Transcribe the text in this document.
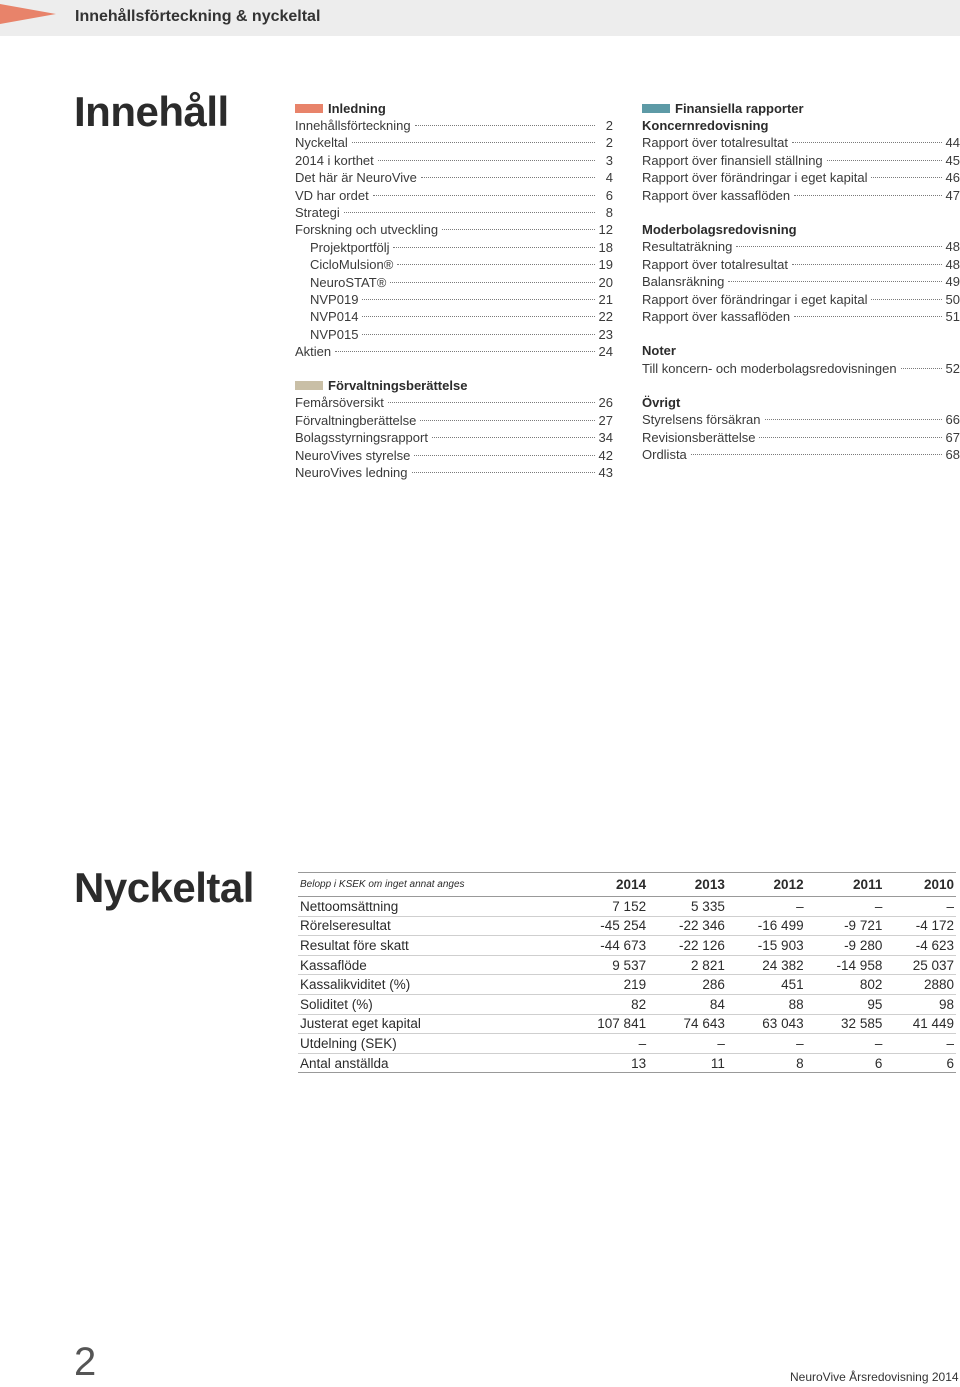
Innehållsförteckning & nyckeltal
Innehåll
Nyckeltal
Inledning
Innehållsförteckning	2
Nyckeltal	2
2014 i korthet	3
Det här är NeuroVive	4
VD har ordet	6
Strategi	8
Forskning och utveckling	12
Projektportfölj	18
CicloMulsion®	19
NeuroSTAT®	20
NVP019	21
NVP014	22
NVP015	23
Aktien	24
Förvaltningsberättelse
Femårsöversikt	26
Förvaltningberättelse	27
Bolagsstyrningsrapport	34
NeuroVives styrelse	42
NeuroVives ledning	43
Finansiella rapporter
Koncernredovisning
Rapport över totalresultat	44
Rapport över finansiell ställning	45
Rapport över förändringar i eget kapital	46
Rapport över kassaflöden	47
Moderbolagsredovisning
Resultaträkning	48
Rapport över totalresultat	48
Balansräkning	49
Rapport över förändringar i eget kapital	50
Rapport över kassaflöden	51
Noter
Till koncern- och moderbolagsredovisningen	52
Övrigt
Styrelsens försäkran	66
Revisionsberättelse	67
Ordlista	68
Belopp i KSEK om inget annat anges	2014	2013	2012	2011	2010
Nettoomsättning	7 152	5 335	–	–	–
Rörelseresultat	-45 254	-22 346	-16 499	-9 721	-4 172
Resultat före skatt	-44 673	-22 126	-15 903	-9 280	-4 623
Kassaflöde	9 537	2 821	24 382	-14 958	25 037
Kassalikviditet (%)	219	286	451	802	2880
Soliditet (%)	82	84	88	95	98
Justerat eget kapital	107 841	74 643	63 043	32 585	41 449
Utdelning (SEK)	–	–	–	–	–
Antal anställda	13	11	8	6	6
2	NeuroVive Årsredovisning 2014
